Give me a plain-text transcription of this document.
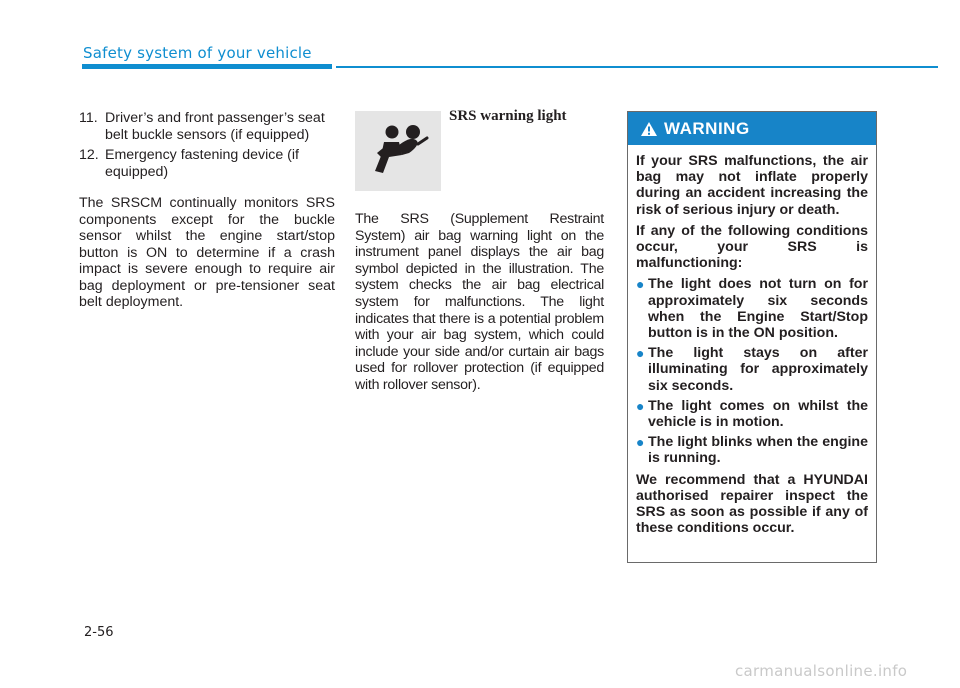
Safety system of your vehicle
11. Driver’s and front passenger’s seat belt buckle sensors (if equipped)
12. Emergency fastening device (if equipped)
The SRSCM continually monitors SRS components except for the buckle sensor whilst the engine start/stop button is ON to determine if a crash impact is severe enough to require air bag deployment or pre-tensioner seat belt deployment.
SRS warning light
The SRS (Supplement Restraint System) air bag warning light on the instrument panel displays the air bag symbol depicted in the illustration. The system checks the air bag electrical system for malfunctions. The light indicates that there is a potential problem with your air bag system, which could include your side and/or curtain air bags used for rollover protection (if equipped with rollover sensor).
WARNING

If your SRS malfunctions, the air bag may not inflate properly during an accident increasing the risk of serious injury or death.

If any of the following conditions occur, your SRS is malfunctioning:

● The light does not turn on for approximately six seconds when the Engine Start/Stop button is in the ON position.
● The light stays on after illuminating for approximately six seconds.
● The light comes on whilst the vehicle is in motion.
● The light blinks when the engine is running.

We recommend that a HYUNDAI authorised repairer inspect the SRS as soon as possible if any of these conditions occur.

2-56
carmanualsonline.info
